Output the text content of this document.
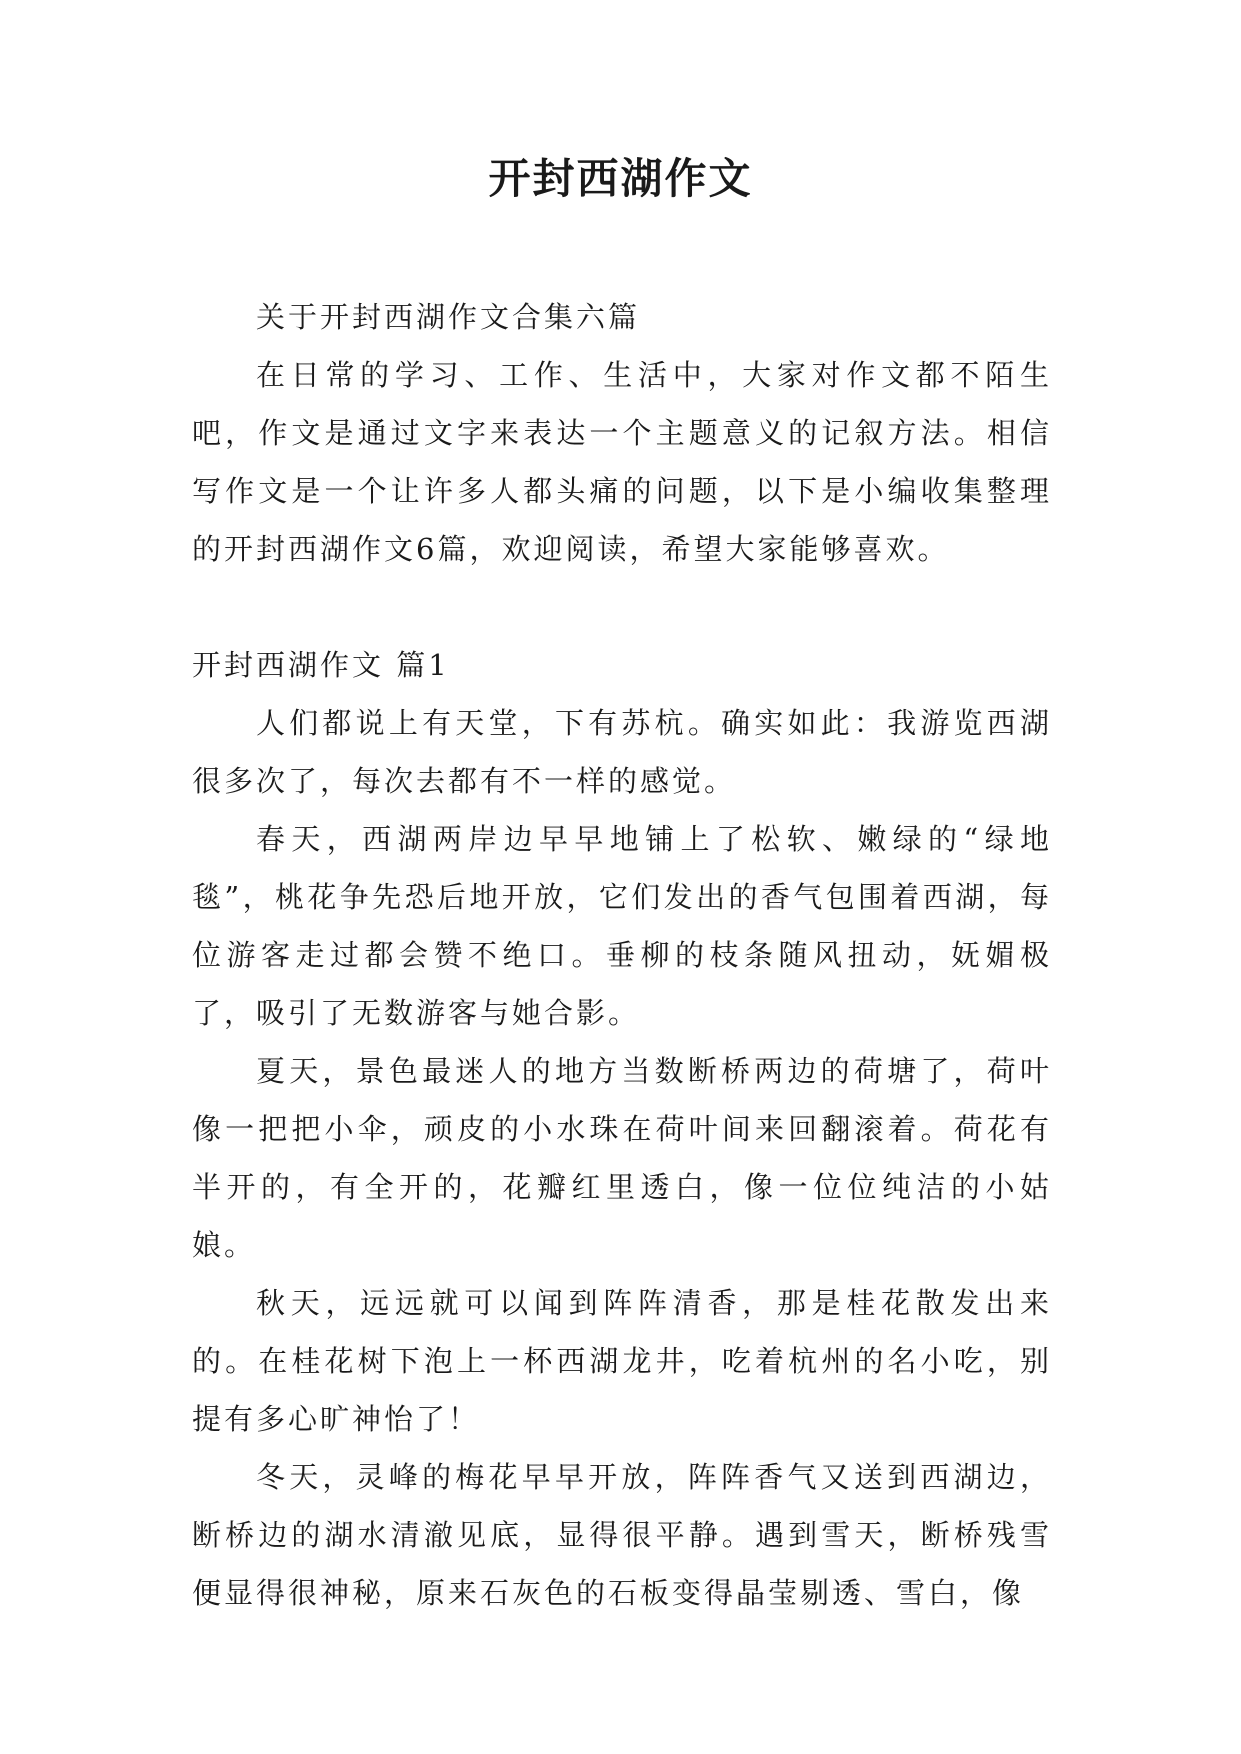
开封西湖作文

关于开封西湖作文合集六篇

在日常的学习、工作、生活中，大家对作文都不陌生吧，作文是通过文字来表达一个主题意义的记叙方法。相信写作文是一个让许多人都头痛的问题，以下是小编收集整理的开封西湖作文6篇，欢迎阅读，希望大家能够喜欢。

开封西湖作文 篇1

人们都说上有天堂，下有苏杭。确实如此：我游览西湖很多次了，每次去都有不一样的感觉。

春天，西湖两岸边早早地铺上了松软、嫩绿的“绿地毯”，桃花争先恐后地开放，它们发出的香气包围着西湖，每位游客走过都会赞不绝口。垂柳的枝条随风扭动，妩媚极了，吸引了无数游客与她合影。

夏天，景色最迷人的地方当数断桥两边的荷塘了，荷叶像一把把小伞，顽皮的小水珠在荷叶间来回翻滚着。荷花有半开的，有全开的，花瓣红里透白，像一位位纯洁的小姑娘。

秋天，远远就可以闻到阵阵清香，那是桂花散发出来的。在桂花树下泡上一杯西湖龙井，吃着杭州的名小吃，别提有多心旷神怡了！

冬天，灵峰的梅花早早开放，阵阵香气又送到西湖边，断桥边的湖水清澈见底，显得很平静。遇到雪天，断桥残雪便显得很神秘，原来石灰色的石板变得晶莹剔透、雪白，像
